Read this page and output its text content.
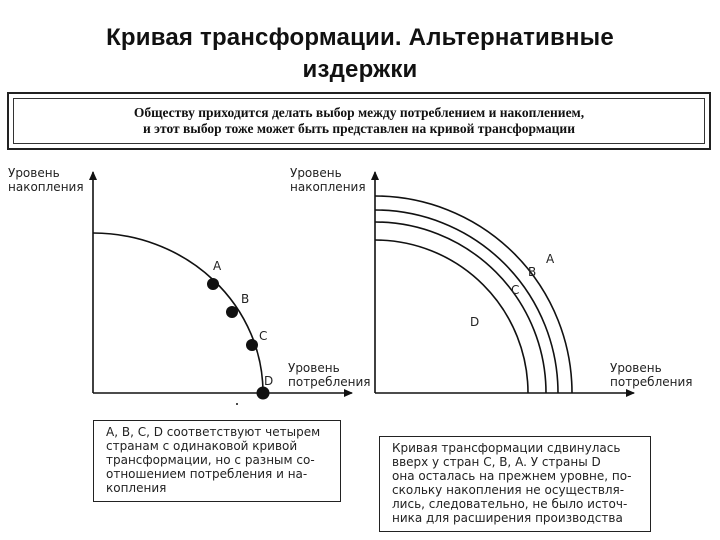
Кривая трансформации. Альтернативные
издержки
Обществу приходится делать выбор между потреблением и накоплением,
и этот выбор тоже может быть представлен на кривой трансформации
Уровень
накопления
Уровень
потребления
A
B
C
D
Уровень
накопления
Уровень
потребления
D
C
B
A
A, B, C, D соответствуют четырем
странам с одинаковой кривой
трансформации, но с разным со-
отношением потребления и на-
копления
Кривая трансформации сдвинулась
вверх у стран C, B, A. У страны D
она осталась на прежнем уровне, по-
скольку накопления не осуществля-
лись, следовательно, не было источ-
ника для расширения производства
